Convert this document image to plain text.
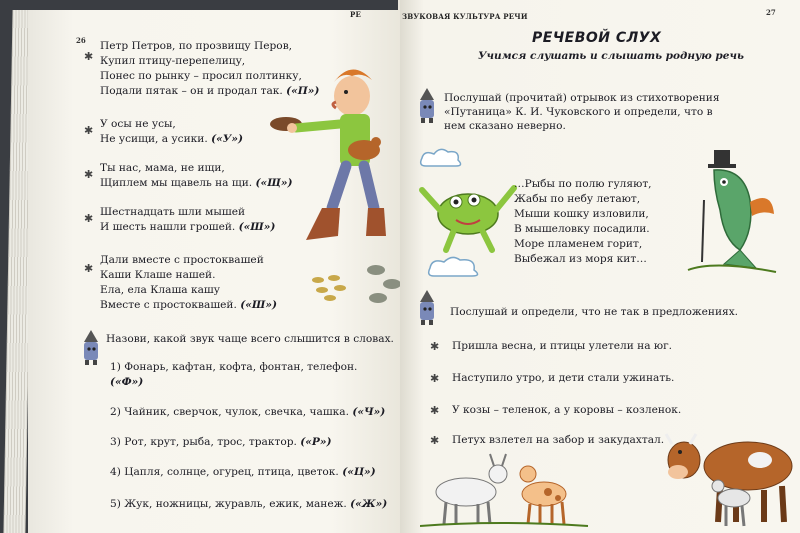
26
РЕ
✱
Петр Петров, по прозвищу Перов,
Купил птицу-перепелицу,
Понес по рынку – просил полтинку,
Подали пятак – он и продал так. («П»)
✱ У осы не усы,
Не усищи, а усики. («У»)
✱ Ты нас, мама, не ищи,
Щиплем мы щавель на щи. («Щ»)
✱ Шестнадцать шли мышей
И шесть нашли грошей. («Ш»)
✱
Дали вместе с простоквашей
Каши Клаше нашей.
Ела, ела Клаша кашу
Вместе с простоквашей. («Ш»)
Назови, какой звук чаще всего слышится в словах.
1) Фонарь, кафтан, кофта, фонтан, телефон.
(«Ф»)
2) Чайник, сверчок, чулок, свечка, чашка. («Ч»)
3) Рот, крут, рыба, трос, трактор. («Р»)
4) Цапля, солнце, огурец, птица, цветок. («Ц»)
5) Жук, ножницы, журавль, ежик, манеж. («Ж»)
ЗВУКОВАЯ КУЛЬТУРА РЕЧИ	27
РЕЧЕВОЙ СЛУХ
Учимся слушать и слышать родную речь
Послушай (прочитай) отрывок из стихотворения
«Путаница» К. И. Чуковского и определи, что в
нем сказано неверно.
…Рыбы по полю гуляют,
Жабы по небу летают,
Мыши кошку изловили,
В мышеловку посадили.
Море пламенем горит,
Выбежал из моря кит…
Послушай и определи, что не так в предложениях.
✱ Пришла весна, и птицы улетели на юг.
✱ Наступило утро, и дети стали ужинать.
✱ У козы – теленок, а у коровы – козленок.
✱ Петух взлетел на забор и закудахтал.
